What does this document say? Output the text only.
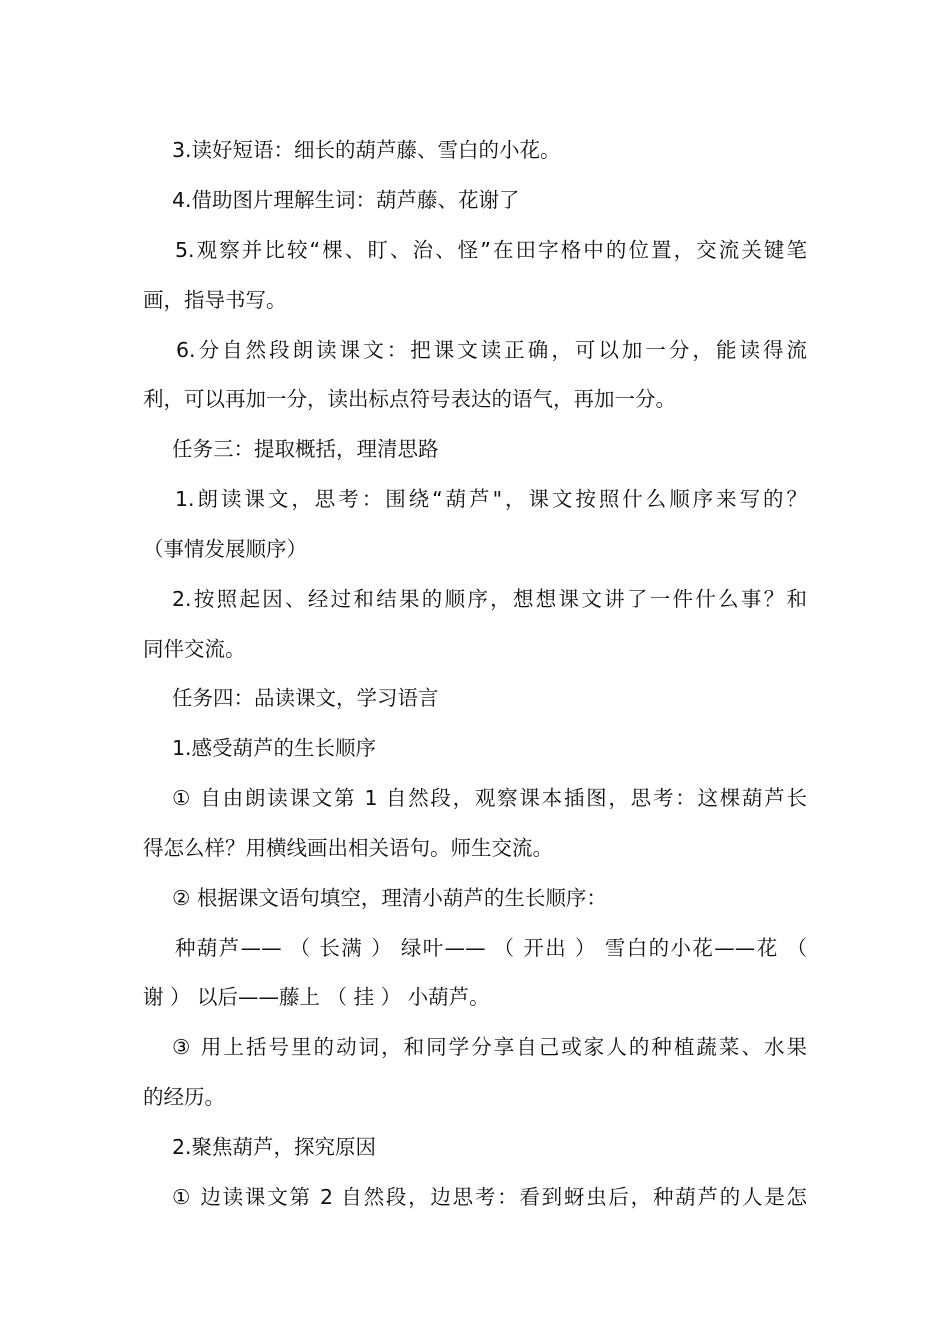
3.读好短语：细长的葫芦藤、雪白的小花。
4.借助图片理解生词：葫芦藤、花谢了
5.观察并比较“棵、盯、治、怪”在田字格中的位置，交流关键笔
画，指导书写。
6.分自然段朗读课文：把课文读正确，可以加一分，能读得流
利，可以再加一分，读出标点符号表达的语气，再加一分。
任务三：提取概括，理清思路
1.朗读课文，思考：围绕“葫芦"，课文按照什么顺序来写的？
（事情发展顺序）
2.按照起因、经过和结果的顺序，想想课文讲了一件什么事？和
同伴交流。
任务四：品读课文，学习语言
1.感受葫芦的生长顺序
① 自由朗读课文第 1 自然段，观察课本插图，思考：这棵葫芦长
得怎么样？用横线画出相关语句。师生交流。
② 根据课文语句填空，理清小葫芦的生长顺序：
种葫芦—— （ 长满 ） 绿叶—— （ 开出 ） 雪白的小花——花 （
谢 ） 以后——藤上 （ 挂 ） 小葫芦。
③ 用上括号里的动词，和同学分享自己或家人的种植蔬菜、水果
的经历。
2.聚焦葫芦，探究原因
① 边读课文第 2 自然段，边思考：看到蚜虫后，种葫芦的人是怎
